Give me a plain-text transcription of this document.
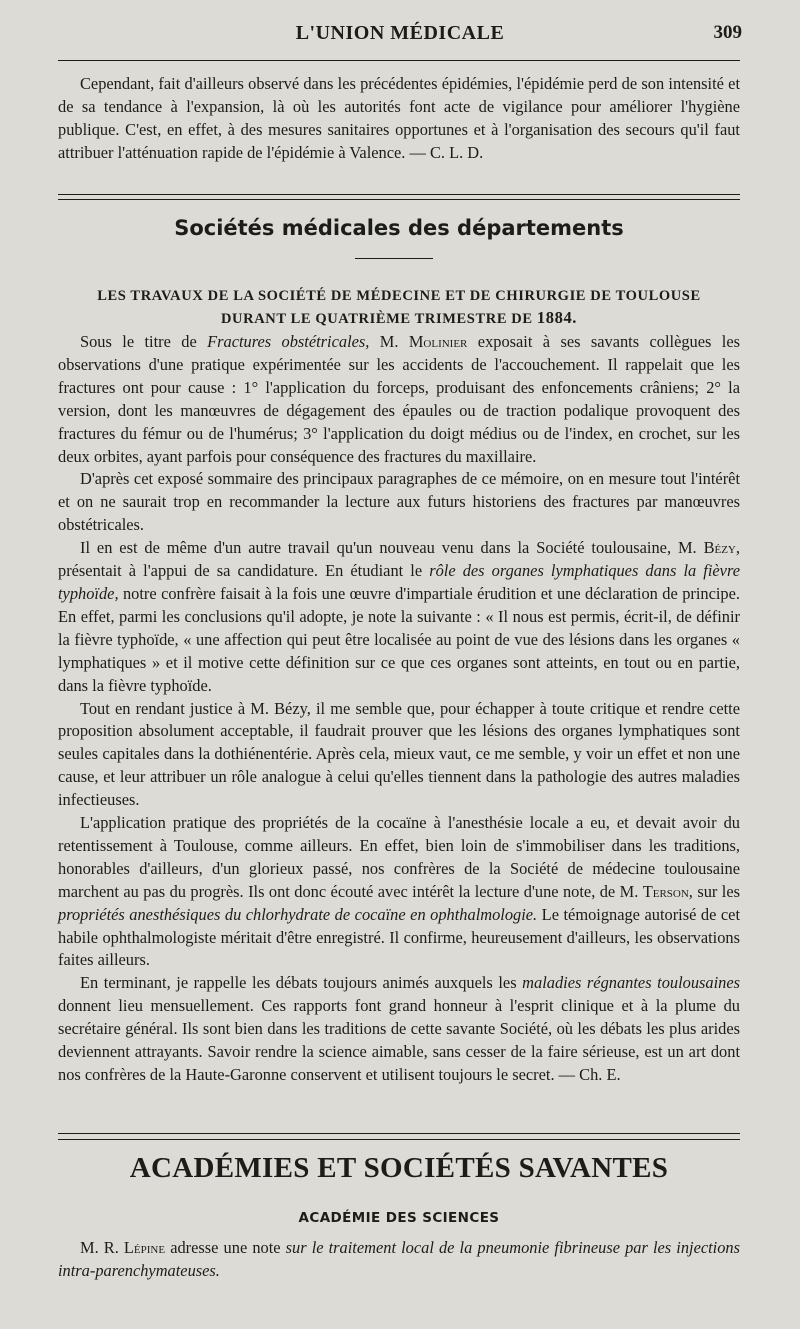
L'UNION MÉDICALE	309

Cependant, fait d'ailleurs observé dans les précédentes épidémies, l'épidémie perd de son intensité et de sa tendance à l'expansion, là où les autorités font acte de vigilance pour améliorer l'hygiène publique. C'est, en effet, à des mesures sanitaires opportunes et à l'organisation des secours qu'il faut attribuer l'atténuation rapide de l'épidémie à Valence. — C. L. D.

Sociétés médicales des départements
LES TRAVAUX DE LA SOCIÉTÉ DE MÉDECINE ET DE CHIRURGIE DE TOULOUSE
DURANT LE QUATRIÈME TRIMESTRE DE 1884.

Sous le titre de Fractures obstétricales, M. Molinier exposait à ses savants collègues les observations d'une pratique expérimentée sur les accidents de l'accouchement. Il rappelait que les fractures ont pour cause : 1° l'application du forceps, produisant des enfoncements crâniens; 2° la version, dont les manœuvres de dégagement des épaules ou de traction podalique provoquent des fractures du fémur ou de l'humérus; 3° l'application du doigt médius ou de l'index, en crochet, sur les deux orbites, ayant parfois pour conséquence des fractures du maxillaire.

D'après cet exposé sommaire des principaux paragraphes de ce mémoire, on en mesure tout l'intérêt et on ne saurait trop en recommander la lecture aux futurs historiens des fractures par manœuvres obstétricales.

Il en est de même d'un autre travail qu'un nouveau venu dans la Société toulousaine, M. Bézy, présentait à l'appui de sa candidature. En étudiant le rôle des organes lymphatiques dans la fièvre typhoïde, notre confrère faisait à la fois une œuvre d'impartiale érudition et une déclaration de principe. En effet, parmi les conclusions qu'il adopte, je note la suivante : « Il nous est permis, écrit-il, de définir la fièvre typhoïde, « une affection qui peut être localisée au point de vue des lésions dans les organes « lymphatiques » et il motive cette définition sur ce que ces organes sont atteints, en tout ou en partie, dans la fièvre typhoïde.

Tout en rendant justice à M. Bézy, il me semble que, pour échapper à toute critique et rendre cette proposition absolument acceptable, il faudrait prouver que les lésions des organes lymphatiques sont seules capitales dans la dothiénentérie. Après cela, mieux vaut, ce me semble, y voir un effet et non une cause, et leur attribuer un rôle analogue à celui qu'elles tiennent dans la pathologie des autres maladies infectieuses.

L'application pratique des propriétés de la cocaïne à l'anesthésie locale a eu, et devait avoir du retentissement à Toulouse, comme ailleurs. En effet, bien loin de s'immobiliser dans les traditions, honorables d'ailleurs, d'un glorieux passé, nos confrères de la Société de médecine toulousaine marchent au pas du progrès. Ils ont donc écouté avec intérêt la lecture d'une note, de M. Terson, sur les propriétés anesthésiques du chlorhydrate de cocaïne en ophthalmologie. Le témoignage autorisé de cet habile ophthalmologiste méritait d'être enregistré. Il confirme, heureusement d'ailleurs, les observations faites ailleurs.

En terminant, je rappelle les débats toujours animés auxquels les maladies régnantes toulousaines donnent lieu mensuellement. Ces rapports font grand honneur à l'esprit clinique et à la plume du secrétaire général. Ils sont bien dans les traditions de cette savante Société, où les débats les plus arides deviennent attrayants. Savoir rendre la science aimable, sans cesser de la faire sérieuse, est un art dont nos confrères de la Haute-Garonne conservent et utilisent toujours le secret. — Ch. E.

ACADÉMIES ET SOCIÉTÉS SAVANTES
ACADÉMIE DES SCIENCES

M. R. Lépine adresse une note sur le traitement local de la pneumonie fibrineuse par les injections intra-parenchymateuses.
